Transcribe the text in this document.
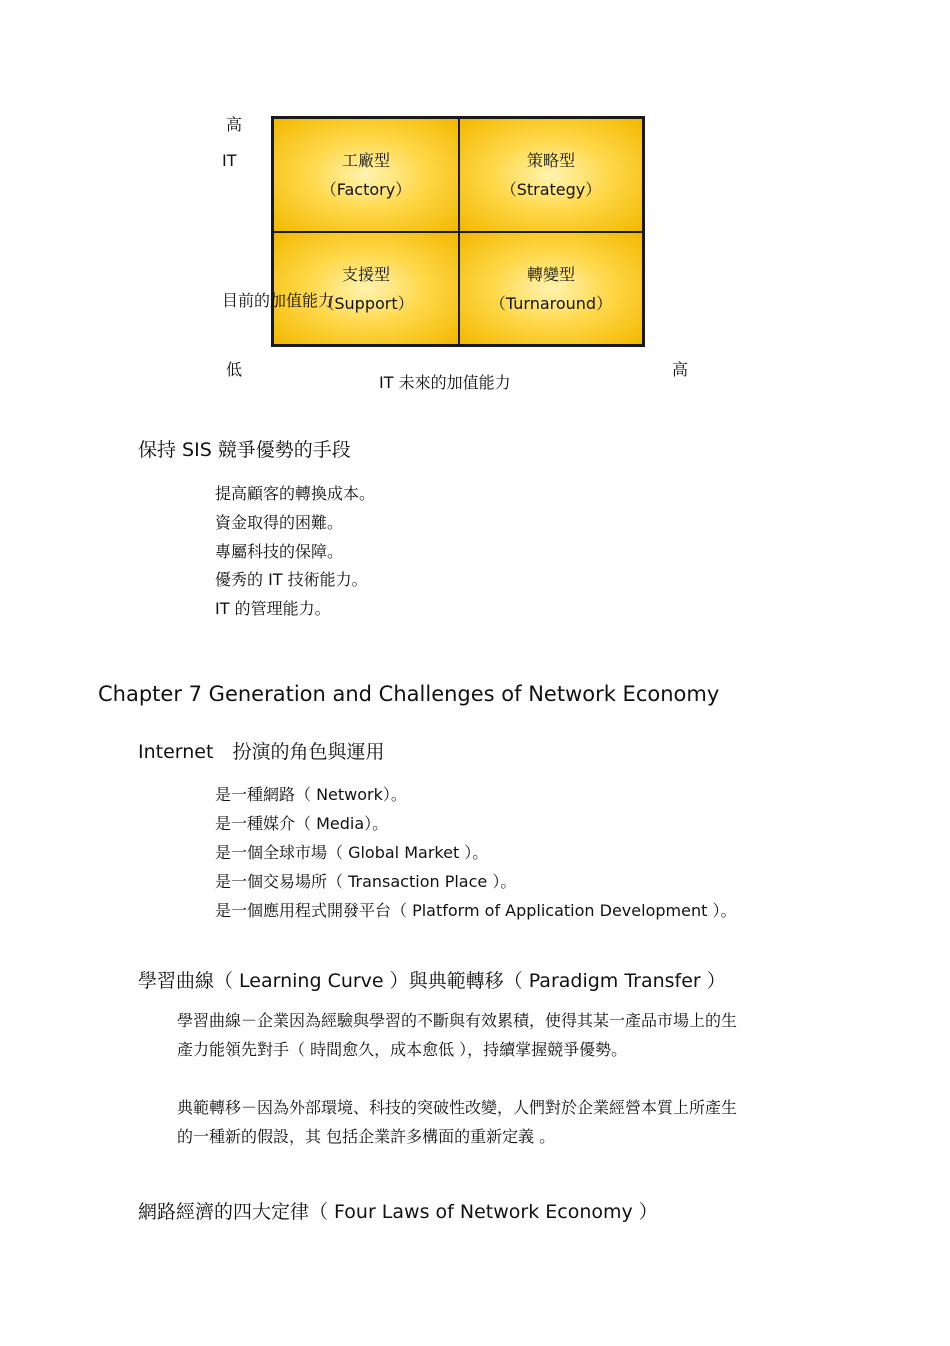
高
IT	工廠型
（Factory）
策略型
（Strategy）
支援型
（Support）
轉變型
（Turnaround）
目前的加值能力
低	高
IT 未來的加值能力
保持 SIS 競爭優勢的手段
提高顧客的轉換成本。
資金取得的困難。
專屬科技的保障。
優秀的 IT 技術能力。
IT 的管理能力。
Chapter 7 Generation and Challenges of Network Economy
Internet　扮演的角色與運用
是一種網路（ Network）。
是一種媒介（ Media）。
是一個全球市場（ Global Market ）。
是一個交易場所（ Transaction Place ）。
是一個應用程式開發平台（ Platform of Application Development ）。
學習曲線（ Learning Curve ）與典範轉移（ Paradigm Transfer ）
學習曲線－企業因為經驗與學習的不斷與有效累積，使得其某一產品市場上的生
產力能領先對手（ 時間愈久，成本愈低 ），持續掌握競爭優勢。
典範轉移－因為外部環境、科技的突破性改變，人們對於企業經營本質上所產生
的一種新的假設，其 包括企業許多構面的重新定義 。
網路經濟的四大定律（ Four Laws of Network Economy ）
